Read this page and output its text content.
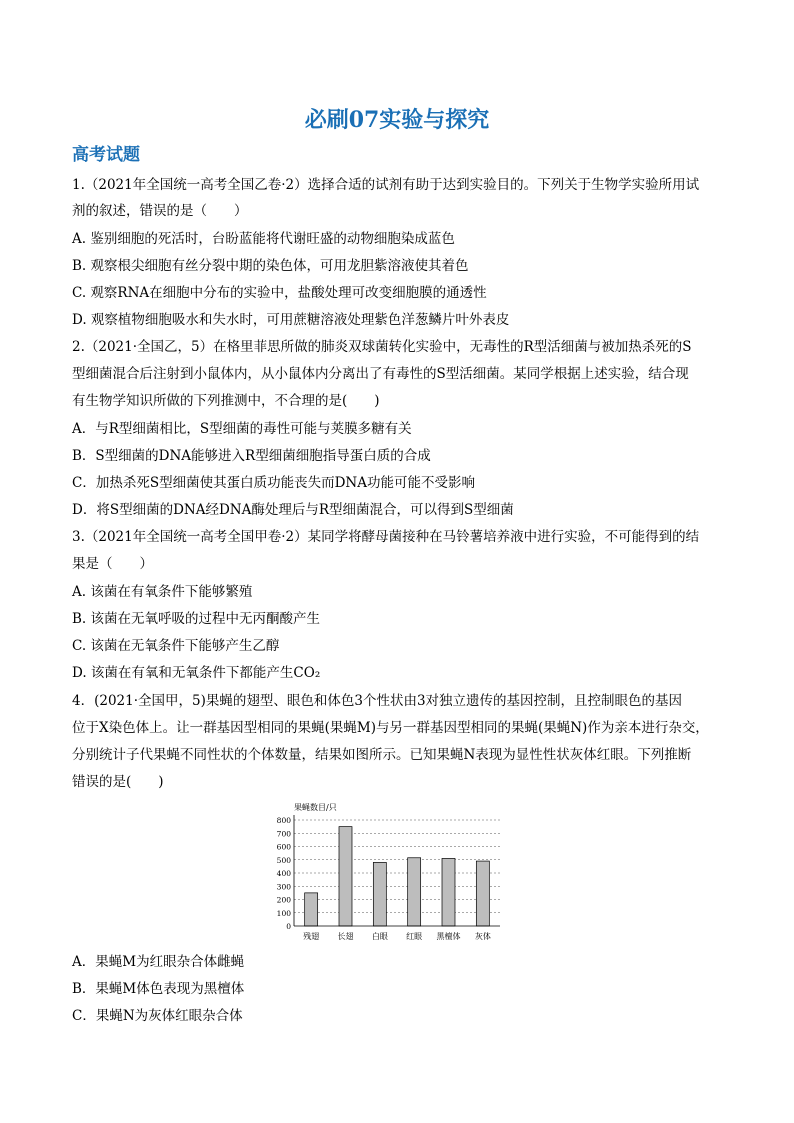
必刷07实验与探究
高考试题
1.（2021年全国统一高考全国乙卷·2）选择合适的试剂有助于达到实验目的。下列关于生物学实验所用试
剂的叙述，错误的是（　　）
A. 鉴别细胞的死活时，台盼蓝能将代谢旺盛的动物细胞染成蓝色
B. 观察根尖细胞有丝分裂中期的染色体，可用龙胆紫溶液使其着色
C. 观察RNA在细胞中分布的实验中，盐酸处理可改变细胞膜的通透性
D. 观察植物细胞吸水和失水时，可用蔗糖溶液处理紫色洋葱鳞片叶外表皮
2.（2021·全国乙，5）在格里菲思所做的肺炎双球菌转化实验中，无毒性的R型活细菌与被加热杀死的S
型细菌混合后注射到小鼠体内，从小鼠体内分离出了有毒性的S型活细菌。某同学根据上述实验，结合现
有生物学知识所做的下列推测中，不合理的是(　　)
A．与R型细菌相比，S型细菌的毒性可能与荚膜多糖有关
B．S型细菌的DNA能够进入R型细菌细胞指导蛋白质的合成
C．加热杀死S型细菌使其蛋白质功能丧失而DNA功能可能不受影响
D．将S型细菌的DNA经DNA酶处理后与R型细菌混合，可以得到S型细菌
3.（2021年全国统一高考全国甲卷·2）某同学将酵母菌接种在马铃薯培养液中进行实验，不可能得到的结
果是（　　）
A. 该菌在有氧条件下能够繁殖
B. 该菌在无氧呼吸的过程中无丙酮酸产生
C. 该菌在无氧条件下能够产生乙醇
D. 该菌在有氧和无氧条件下都能产生CO₂
4．(2021·全国甲，5)果蝇的翅型、眼色和体色3个性状由3对独立遗传的基因控制，且控制眼色的基因
位于X染色体上。让一群基因型相同的果蝇(果蝇M)与另一群基因型相同的果蝇(果蝇N)作为亲本进行杂交，
分别统计子代果蝇不同性状的个体数量，结果如图所示。已知果蝇N表现为显性性状灰体红眼。下列推断
错误的是(　　)
果蝇数目/只
0
100
200
300
400
500
600
700
800
残翅 长翅 白眼 红眼 黑檀体 灰体
A．果蝇M为红眼杂合体雌蝇
B．果蝇M体色表现为黑檀体
C．果蝇N为灰体红眼杂合体
